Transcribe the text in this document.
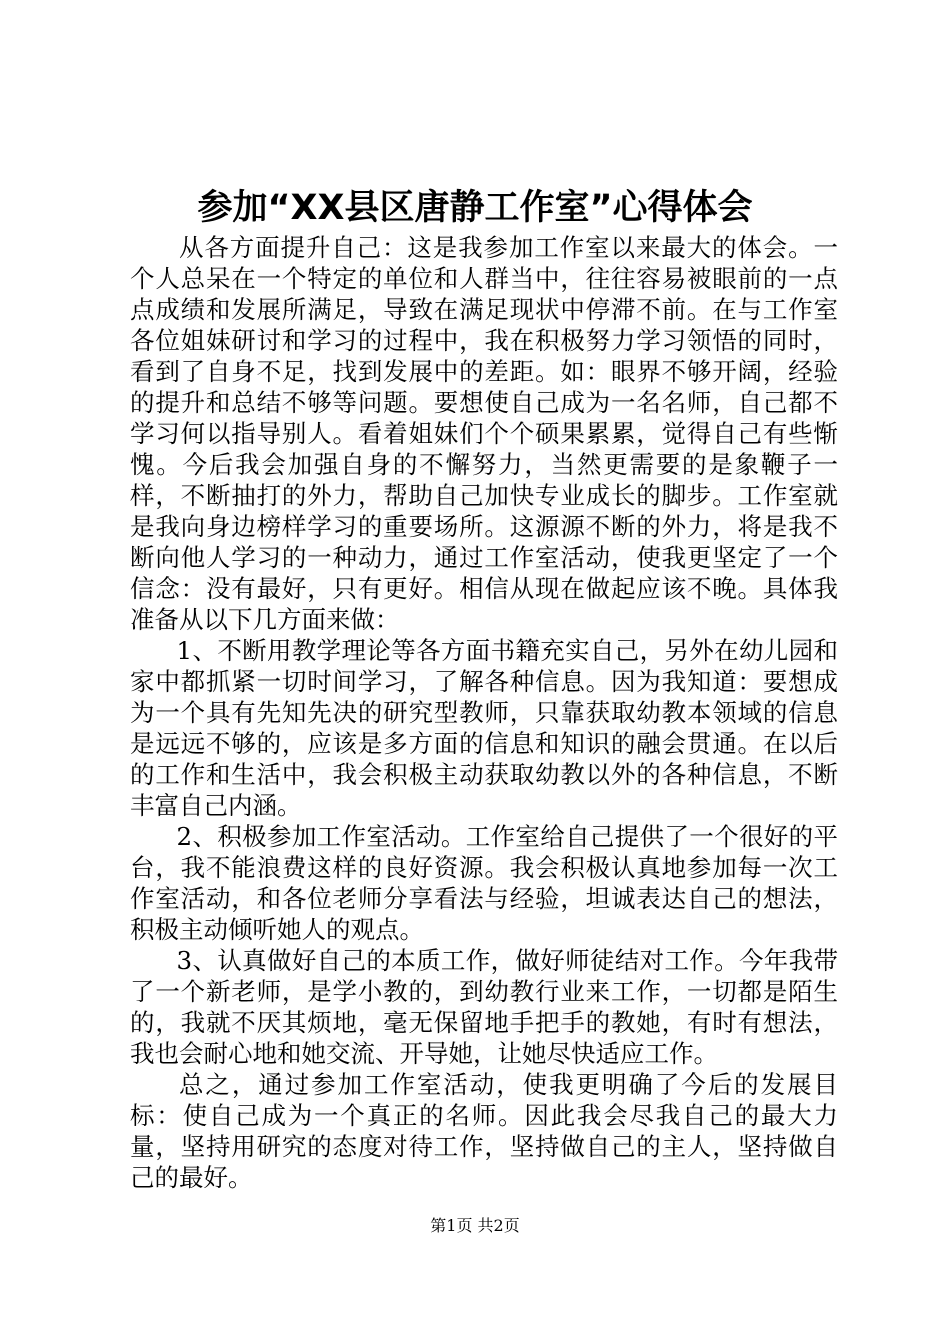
参加“XX县区唐静工作室”心得体会

从各方面提升自己：这是我参加工作室以来最大的体会。一个人总呆在一个特定的单位和人群当中，往往容易被眼前的一点点成绩和发展所满足，导致在满足现状中停滞不前。在与工作室各位姐妹研讨和学习的过程中，我在积极努力学习领悟的同时，看到了自身不足，找到发展中的差距。如：眼界不够开阔，经验的提升和总结不够等问题。要想使自己成为一名名师，自己都不学习何以指导别人。看着姐妹们个个硕果累累，觉得自己有些惭愧。今后我会加强自身的不懈努力，当然更需要的是象鞭子一样，不断抽打的外力，帮助自己加快专业成长的脚步。工作室就是我向身边榜样学习的重要场所。这源源不断的外力，将是我不断向他人学习的一种动力，通过工作室活动，使我更坚定了一个信念：没有最好，只有更好。相信从现在做起应该不晚。具体我准备从以下几方面来做：

1、不断用教学理论等各方面书籍充实自己，另外在幼儿园和家中都抓紧一切时间学习，了解各种信息。因为我知道：要想成为一个具有先知先决的研究型教师，只靠获取幼教本领域的信息是远远不够的，应该是多方面的信息和知识的融会贯通。在以后的工作和生活中，我会积极主动获取幼教以外的各种信息，不断丰富自己内涵。

2、积极参加工作室活动。工作室给自己提供了一个很好的平台，我不能浪费这样的良好资源。我会积极认真地参加每一次工作室活动，和各位老师分享看法与经验，坦诚表达自己的想法，积极主动倾听她人的观点。

3、认真做好自己的本质工作，做好师徒结对工作。今年我带了一个新老师，是学小教的，到幼教行业来工作，一切都是陌生的，我就不厌其烦地，毫无保留地手把手的教她，有时有想法，我也会耐心地和她交流、开导她，让她尽快适应工作。

总之，通过参加工作室活动，使我更明确了今后的发展目标：使自己成为一个真正的名师。因此我会尽我自己的最大力量，坚持用研究的态度对待工作，坚持做自己的主人，坚持做自己的最好。

第1页 共2页
